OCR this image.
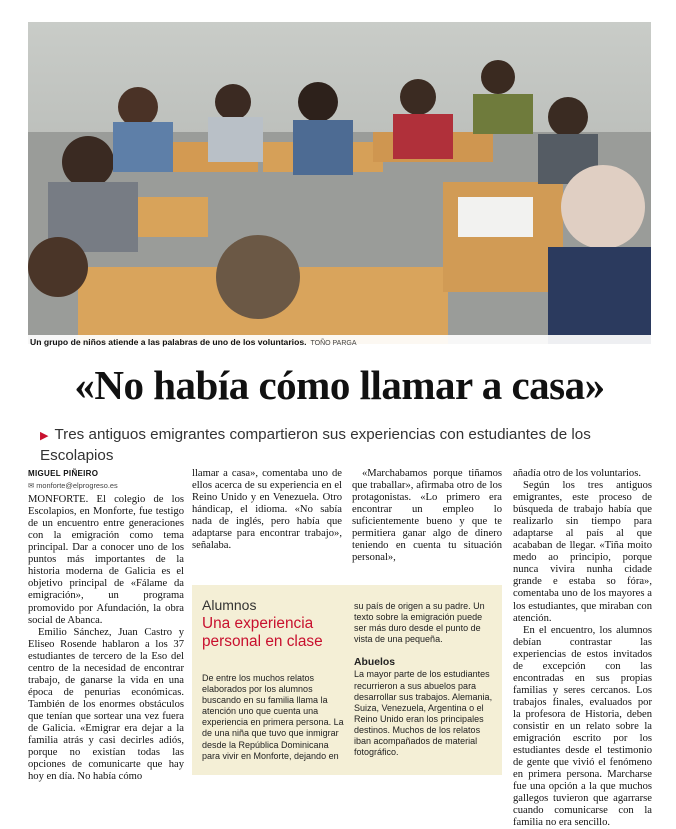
Un grupo de niños atiende a las palabras de uno de los voluntarios. TOÑO PARGA
«No había cómo llamar a casa»
▶ Tres antiguos emigrantes compartieron sus experiencias con estudiantes de los Escolapios
MIGUEL PIÑEIRO
✉ monforte@elprogreso.es

MONFORTE. El colegio de los Escolapios, en Monforte, fue testigo de un encuentro entre generaciones con la emigración como tema principal. Dar a conocer uno de los puntos más importantes de la historia moderna de Galicia es el objetivo principal de «Fálame da emigración», un programa promovido por Afundación, la obra social de Abanca.

Emilio Sánchez, Juan Castro y Eliseo Rosende hablaron a los 37 estudiantes de tercero de la Eso del centro de la necesidad de encontrar trabajo, de ganarse la vida en una época de penurias económicas. También de los enormes obstáculos que tenían que sortear una vez fuera de Galicia. «Emigrar era dejar a la familia atrás y casi decirles adiós, porque no existían todas las opciones de comunicarte que hay hoy en día. No había cómo

llamar a casa», comentaba uno de ellos acerca de su experiencia en el Reino Unido y en Venezuela. Otro hándicap, el idioma. «No sabía nada de inglés, pero había que adaptarse para encontrar trabajo», señalaba.

«Marchabamos porque tiñamos que traballar», afirmaba otro de los protagonistas. «Lo primero era encontrar un empleo lo suficientemente bueno y que te permitiera ganar algo de dinero teniendo en cuenta tu situación personal»,

añadía otro de los voluntarios.

Según los tres antiguos emigrantes, este proceso de búsqueda de trabajo había que realizarlo sin tiempo para adaptarse al país al que acababan de llegar. «Tiña moito medo ao principio, porque nunca vivira nunha cidade grande e estaba so fóra», comentaba uno de los mayores a los estudiantes, que miraban con atención.

En el encuentro, los alumnos debían contrastar las experiencias de estos invitados de excepción con las encontradas en sus propias familias y seres cercanos. Los trabajos finales, evaluados por la profesora de Historia, deben consistir en un relato sobre la emigración escrito por los estudiantes desde el testimonio de gente que vivió el fenómeno en primera persona. Marcharse fue una opción a la que muchos gallegos tuvieron que agarrarse cuando comunicarse con la familia no era sencillo.

Alumnos
Una experiencia personal en clase

De entre los muchos relatos elaborados por los alumnos buscando en su familia llama la atención uno que cuenta una experiencia en primera persona. La de una niña que tuvo que inmigrar desde la República Dominicana para vivir en Monforte, dejando en

su país de origen a su padre. Un texto sobre la emigración puede ser más duro desde el punto de vista de una pequeña.

Abuelos

La mayor parte de los estudiantes recurrieron a sus abuelos para desarrollar sus trabajos. Alemania, Suiza, Venezuela, Argentina o el Reino Unido eran los principales destinos. Muchos de los relatos iban acompañados de material fotográfico.
